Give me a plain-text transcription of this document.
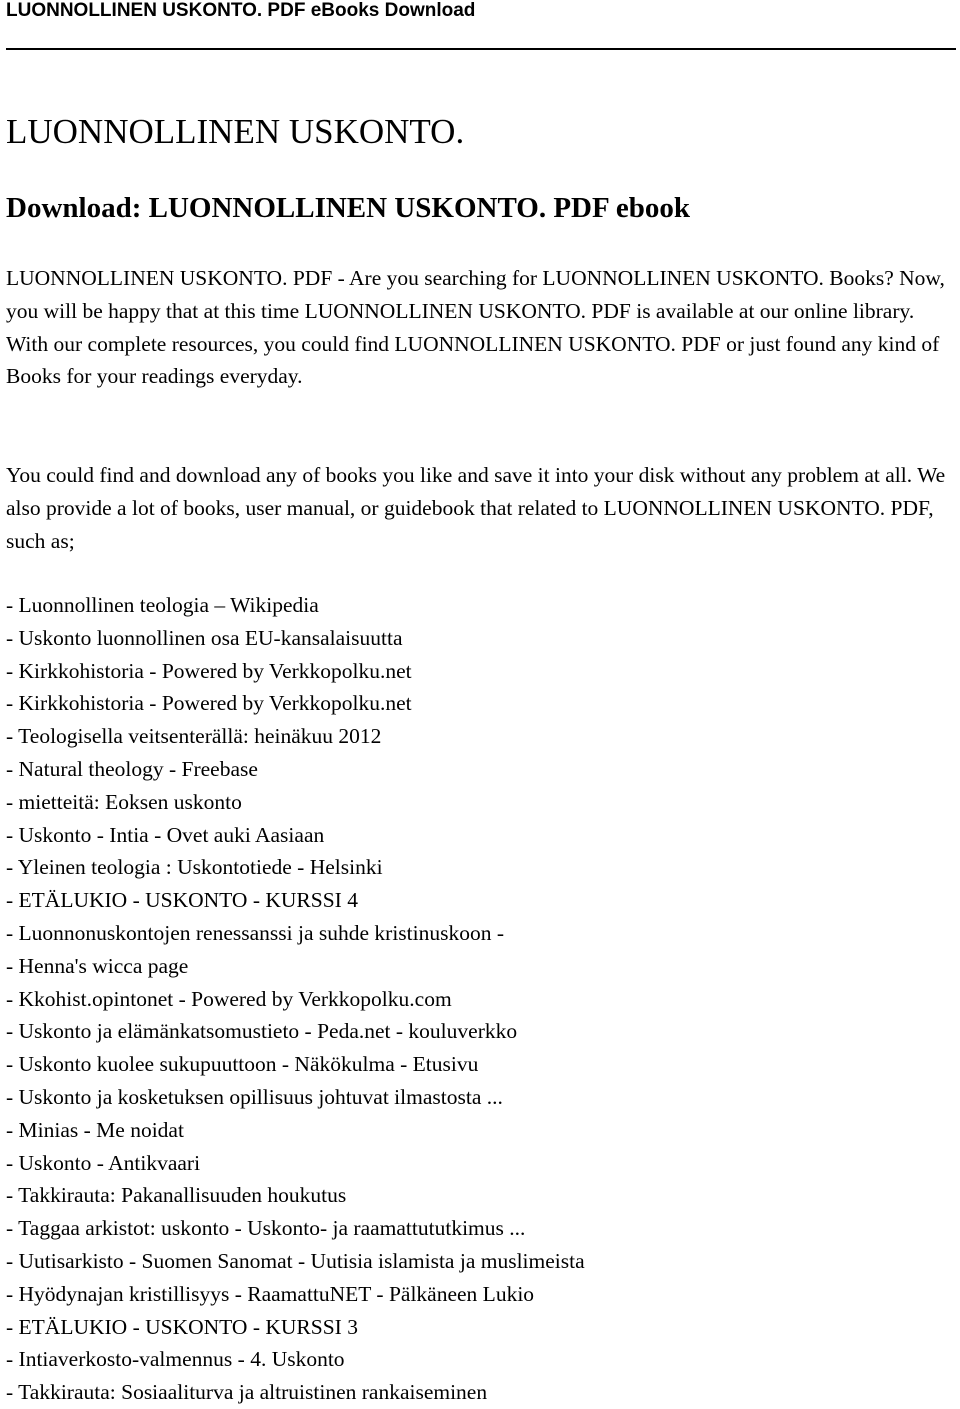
LUONNOLLINEN USKONTO. PDF eBooks Download
LUONNOLLINEN USKONTO.
Download: LUONNOLLINEN USKONTO. PDF ebook

LUONNOLLINEN USKONTO. PDF - Are you searching for LUONNOLLINEN USKONTO. Books? Now, you will be happy that at this time LUONNOLLINEN USKONTO. PDF is available at our online library. With our complete resources, you could find LUONNOLLINEN USKONTO. PDF or just found any kind of Books for your readings everyday.

You could find and download any of books you like and save it into your disk without any problem at all. We also provide a lot of books, user manual, or guidebook that related to LUONNOLLINEN USKONTO. PDF, such as;

- Luonnollinen teologia – Wikipedia
- Uskonto luonnollinen osa EU-kansalaisuutta
- Kirkkohistoria - Powered by Verkkopolku.net
- Kirkkohistoria - Powered by Verkkopolku.net
- Teologisella veitsenterällä: heinäkuu 2012
- Natural theology - Freebase
- mietteitä: Eoksen uskonto
- Uskonto - Intia - Ovet auki Aasiaan
- Yleinen teologia : Uskontotiede - Helsinki
- ETÄLUKIO - USKONTO - KURSSI 4
- Luonnonuskontojen renessanssi ja suhde kristinuskoon -
- Henna's wicca page
- Kkohist.opintonet - Powered by Verkkopolku.com
- Uskonto ja elämänkatsomustieto - Peda.net - kouluverkko
- Uskonto kuolee sukupuuttoon - Näkökulma - Etusivu
- Uskonto ja kosketuksen opillisuus johtuvat ilmastosta ...
- Minias - Me noidat
- Uskonto - Antikvaari
- Takkirauta: Pakanallisuuden houkutus
- Taggaa arkistot: uskonto - Uskonto- ja raamattututkimus ...
- Uutisarkisto - Suomen Sanomat - Uutisia islamista ja muslimeista
- Hyödynajan kristillisyys - RaamattuNET - Pälkäneen Lukio
- ETÄLUKIO - USKONTO - KURSSI 3
- Intiaverkosto-valmennus - 4. Uskonto
- Takkirauta: Sosiaaliturva ja altruistinen rankaiseminen
